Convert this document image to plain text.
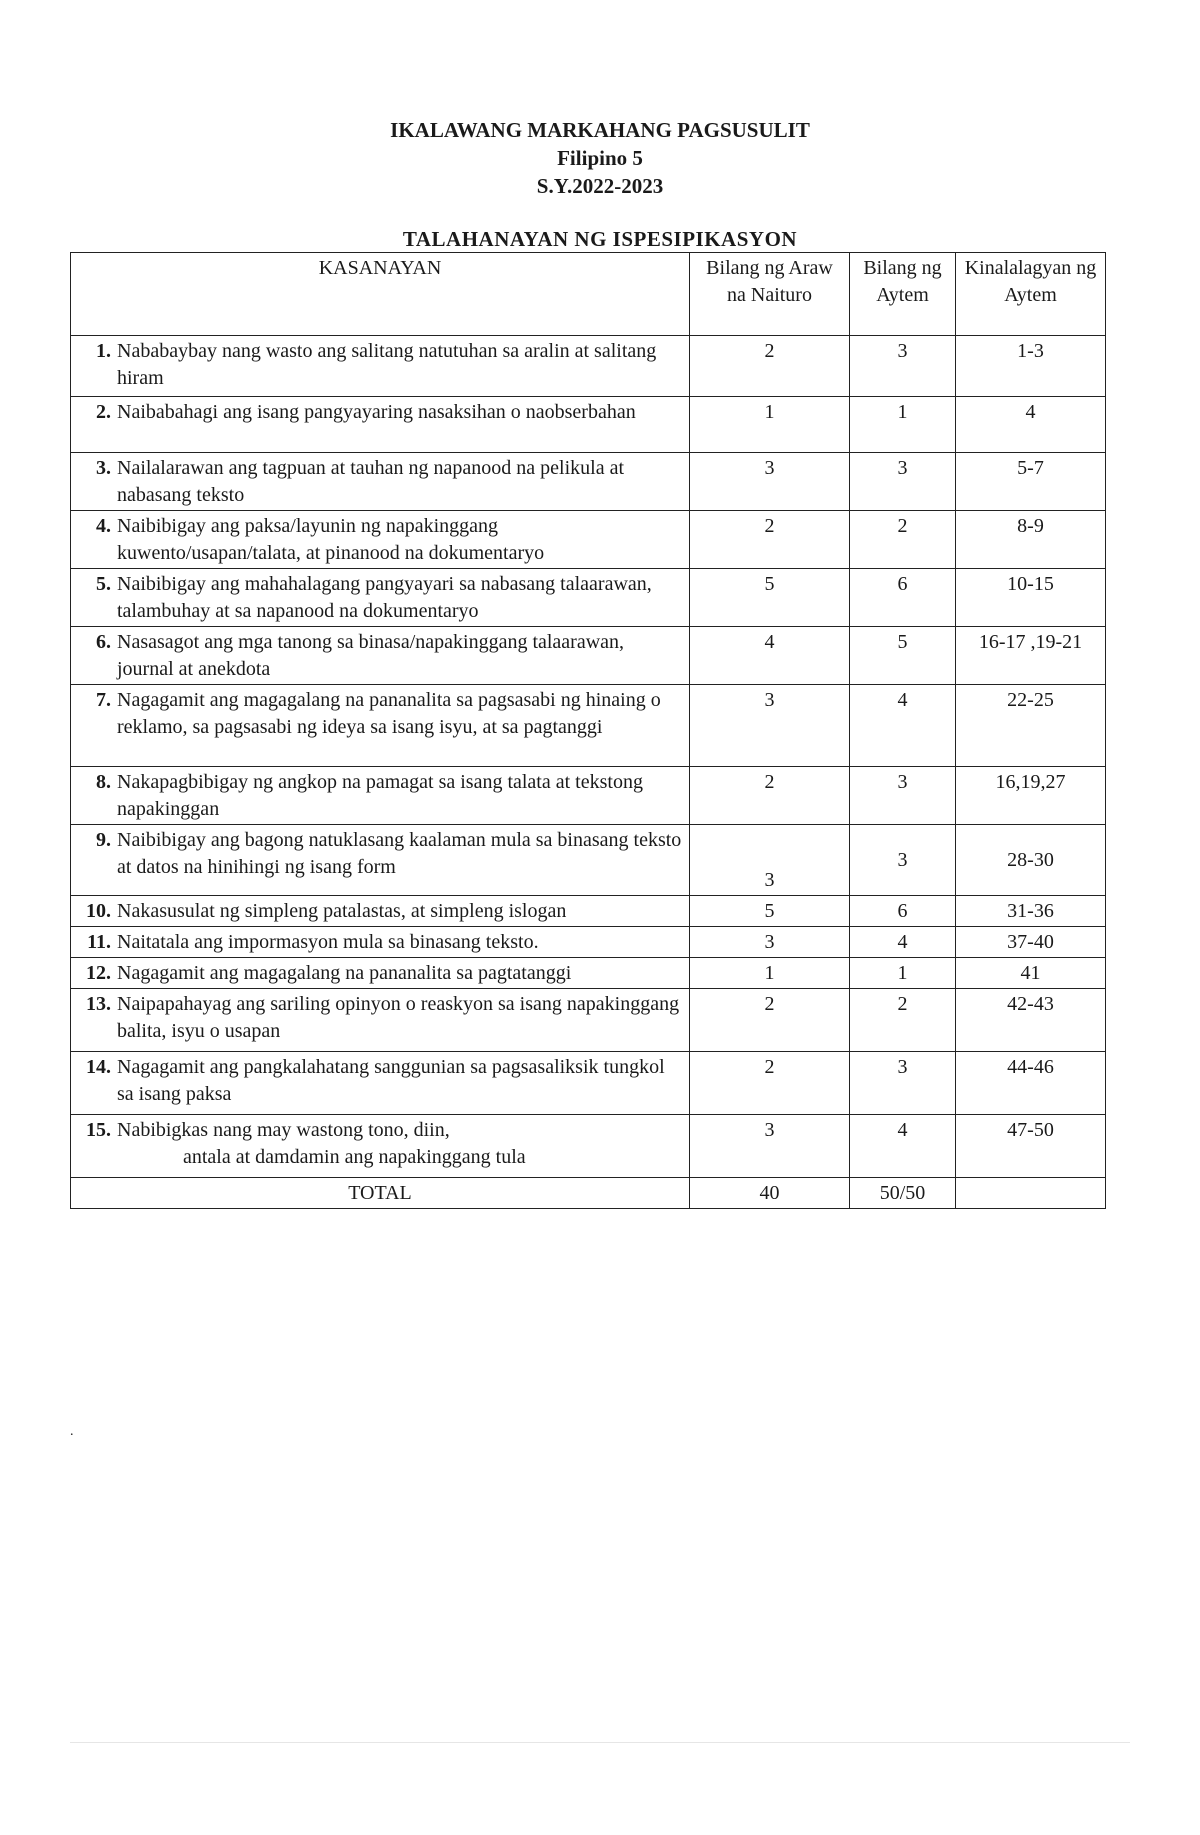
IKALAWANG MARKAHANG PAGSUSULIT
Filipino 5
S.Y.2022-2023
TALAHANAYAN NG ISPESIPIKASYON
KASANAYAN	Bilang ng Araw na Naituro	Bilang ng Aytem	Kinalalagyan ng Aytem

1. Nababaybay nang wasto ang salitang natutuhan sa aralin at salitang hiram	2	3	1-3

2. Naibabahagi ang isang pangyayaring nasaksihan o naobserbahan	1	1	4

3. Nailalarawan ang tagpuan at tauhan ng napanood na pelikula at nabasang teksto	3	3	5-7

4. Naibibigay ang paksa/layunin ng napakinggang kuwento/usapan/talata, at pinanood na dokumentaryo	2	2	8-9

5. Naibibigay ang mahahalagang pangyayari sa nabasang talaarawan, talambuhay at sa napanood na dokumentaryo	5	6	10-15

6. Nasasagot ang mga tanong sa binasa/napakinggang talaarawan, journal at anekdota	4	5	16-17 ,19-21

7. Nagagamit ang magagalang na pananalita sa pagsasabi ng hinaing o reklamo, sa pagsasabi ng ideya sa isang isyu, at sa pagtanggi	3	4	22-25

8. Nakapagbibigay ng angkop na pamagat sa isang talata at tekstong napakinggan	2	3	16,19,27

9. Naibibigay ang bagong natuklasang kaalaman mula sa binasang teksto at datos na hinihingi ng isang form	3	3	28-30

10. Nakasusulat ng simpleng patalastas, at simpleng islogan	5	6	31-36

11. Naitatala ang impormasyon mula sa binasang teksto.	3	4	37-40

12. Nagagamit ang magagalang na pananalita sa pagtatanggi	1	1	41

13. Naipapahayag ang sariling opinyon o reaskyon sa isang napakinggang balita, isyu o usapan	2	2	42-43

14. Nagagamit ang pangkalahatang sanggunian sa pagsasaliksik tungkol sa isang paksa	2	3	44-46

15. Nabibigkas nang may wastong tono, diin,
antala at damdamin ang napakinggang tula	3	4	47-50
TOTAL	40	50/50	
.
